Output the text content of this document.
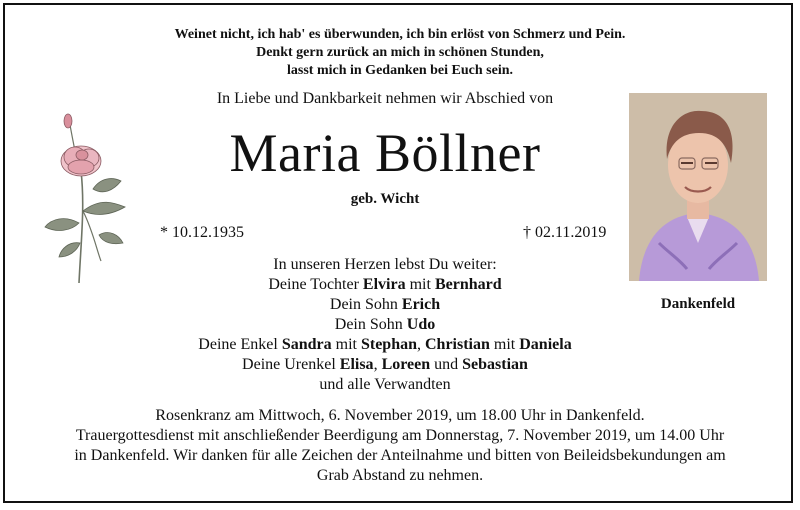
Weinet nicht, ich hab' es überwunden, ich bin erlöst von Schmerz und Pein.
Denkt gern zurück an mich in schönen Stunden,
lasst mich in Gedanken bei Euch sein.
In Liebe und Dankbarkeit nehmen wir Abschied von
Maria Böllner
geb. Wicht
* 10.12.1935	† 02.11.2019
In unseren Herzen lebst Du weiter:
Deine Tochter Elvira mit Bernhard
Dein Sohn Erich
Dein Sohn Udo
Deine Enkel Sandra mit Stephan, Christian mit Daniela
Deine Urenkel Elisa, Loreen und Sebastian
und alle Verwandten
Dankenfeld
Rosenkranz am Mittwoch, 6. November 2019, um 18.00 Uhr in Dankenfeld.
Trauergottesdienst mit anschließender Beerdigung am Donnerstag, 7. November 2019, um 14.00 Uhr
in Dankenfeld. Wir danken für alle Zeichen der Anteilnahme und bitten von Beileidsbekundungen am
Grab Abstand zu nehmen.
